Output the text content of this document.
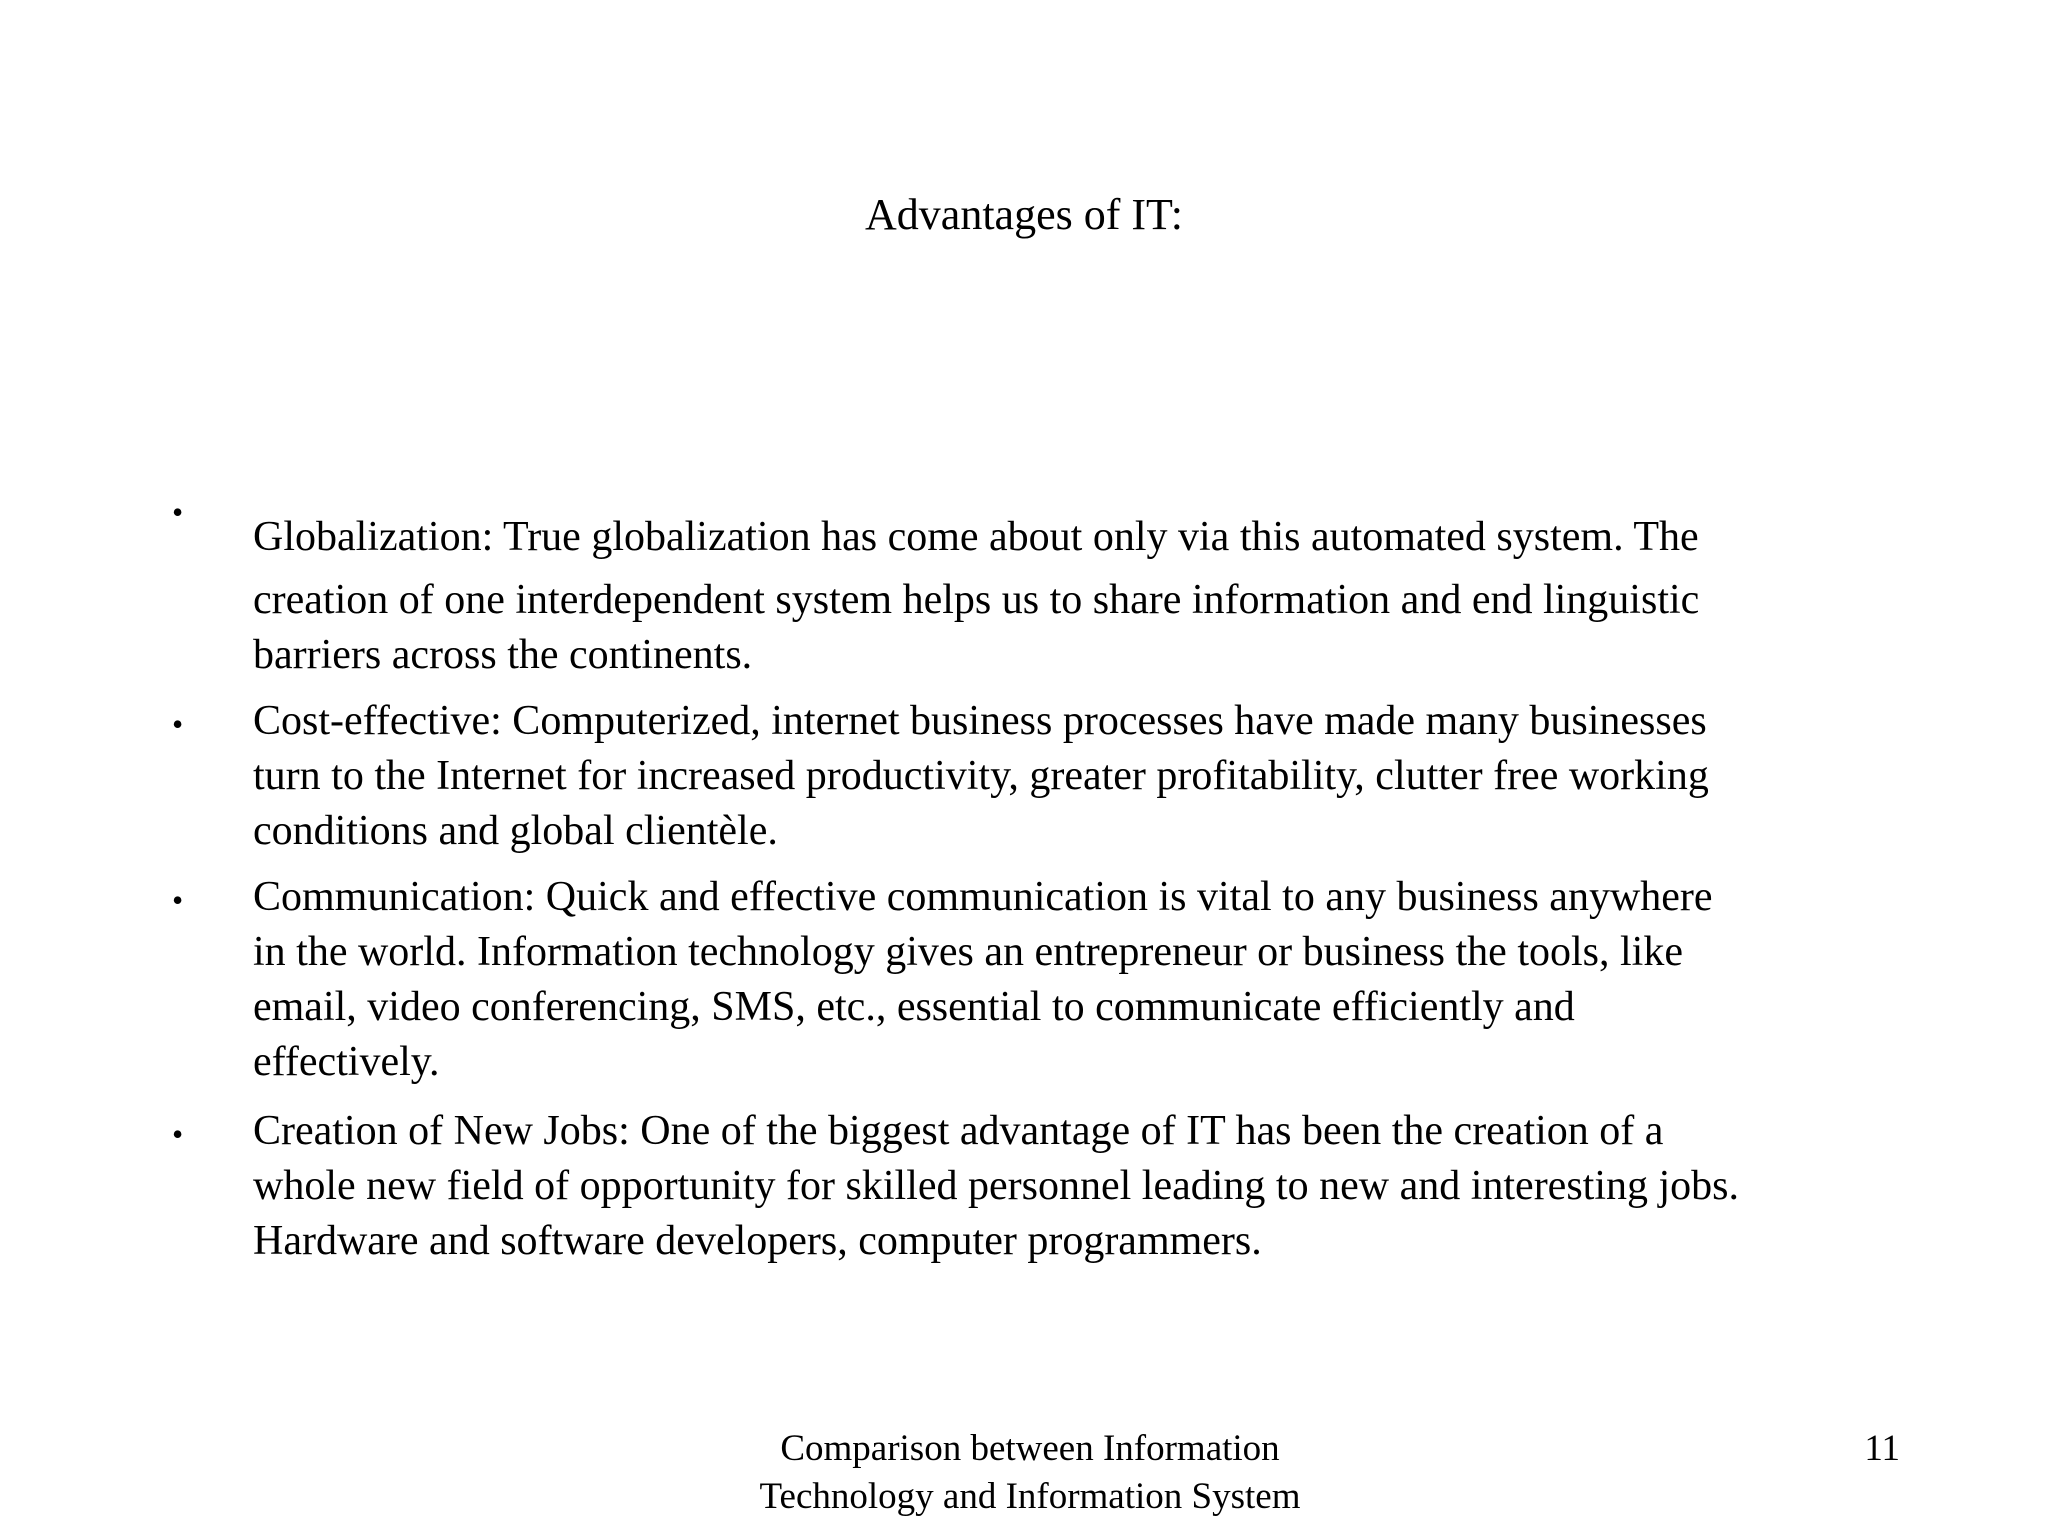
Advantages of IT:
•

Globalization: True globalization has come about only via this automated system. The
creation of one interdependent system helps us to share information and end linguistic
barriers across the continents.

• Cost-effective: Computerized, internet business processes have made many businesses
turn to the Internet for increased productivity, greater profitability, clutter free working
conditions and global clientèle.

• Communication: Quick and effective communication is vital to any business anywhere
in the world. Information technology gives an entrepreneur or business the tools, like
email, video conferencing, SMS, etc., essential to communicate efficiently and
effectively.

• Creation of New Jobs: One of the biggest advantage of IT has been the creation of a
whole new field of opportunity for skilled personnel leading to new and interesting jobs.
Hardware and software developers, computer programmers.

Comparison between Information
Technology and Information System
11
